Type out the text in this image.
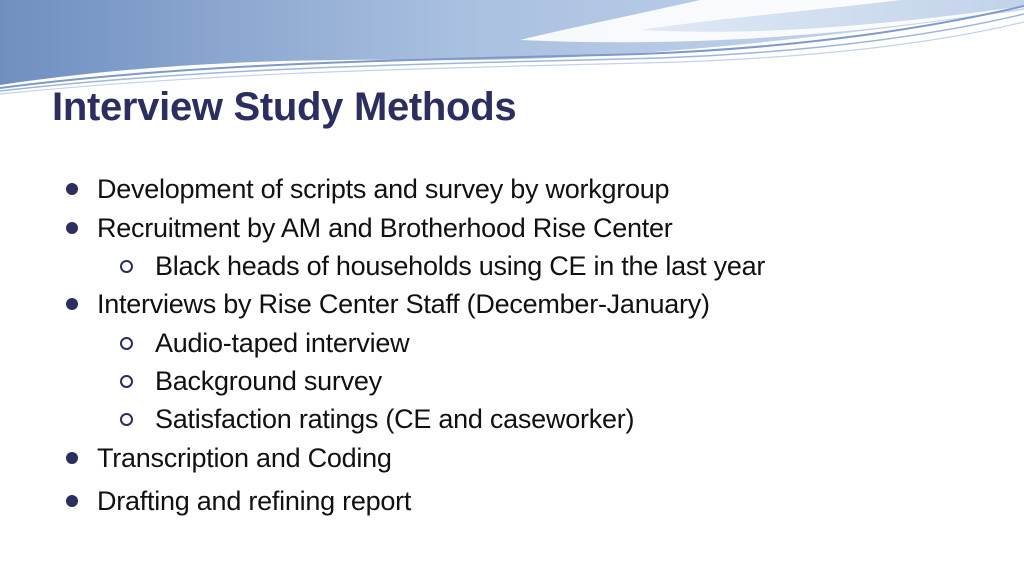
Interview Study Methods
Development of scripts and survey by workgroup
Recruitment by AM and Brotherhood Rise Center
Black heads of households using CE in the last year
Interviews by Rise Center Staff (December-January)
Audio-taped interview
Background survey
Satisfaction ratings (CE and caseworker)
Transcription and Coding
Drafting and refining report
